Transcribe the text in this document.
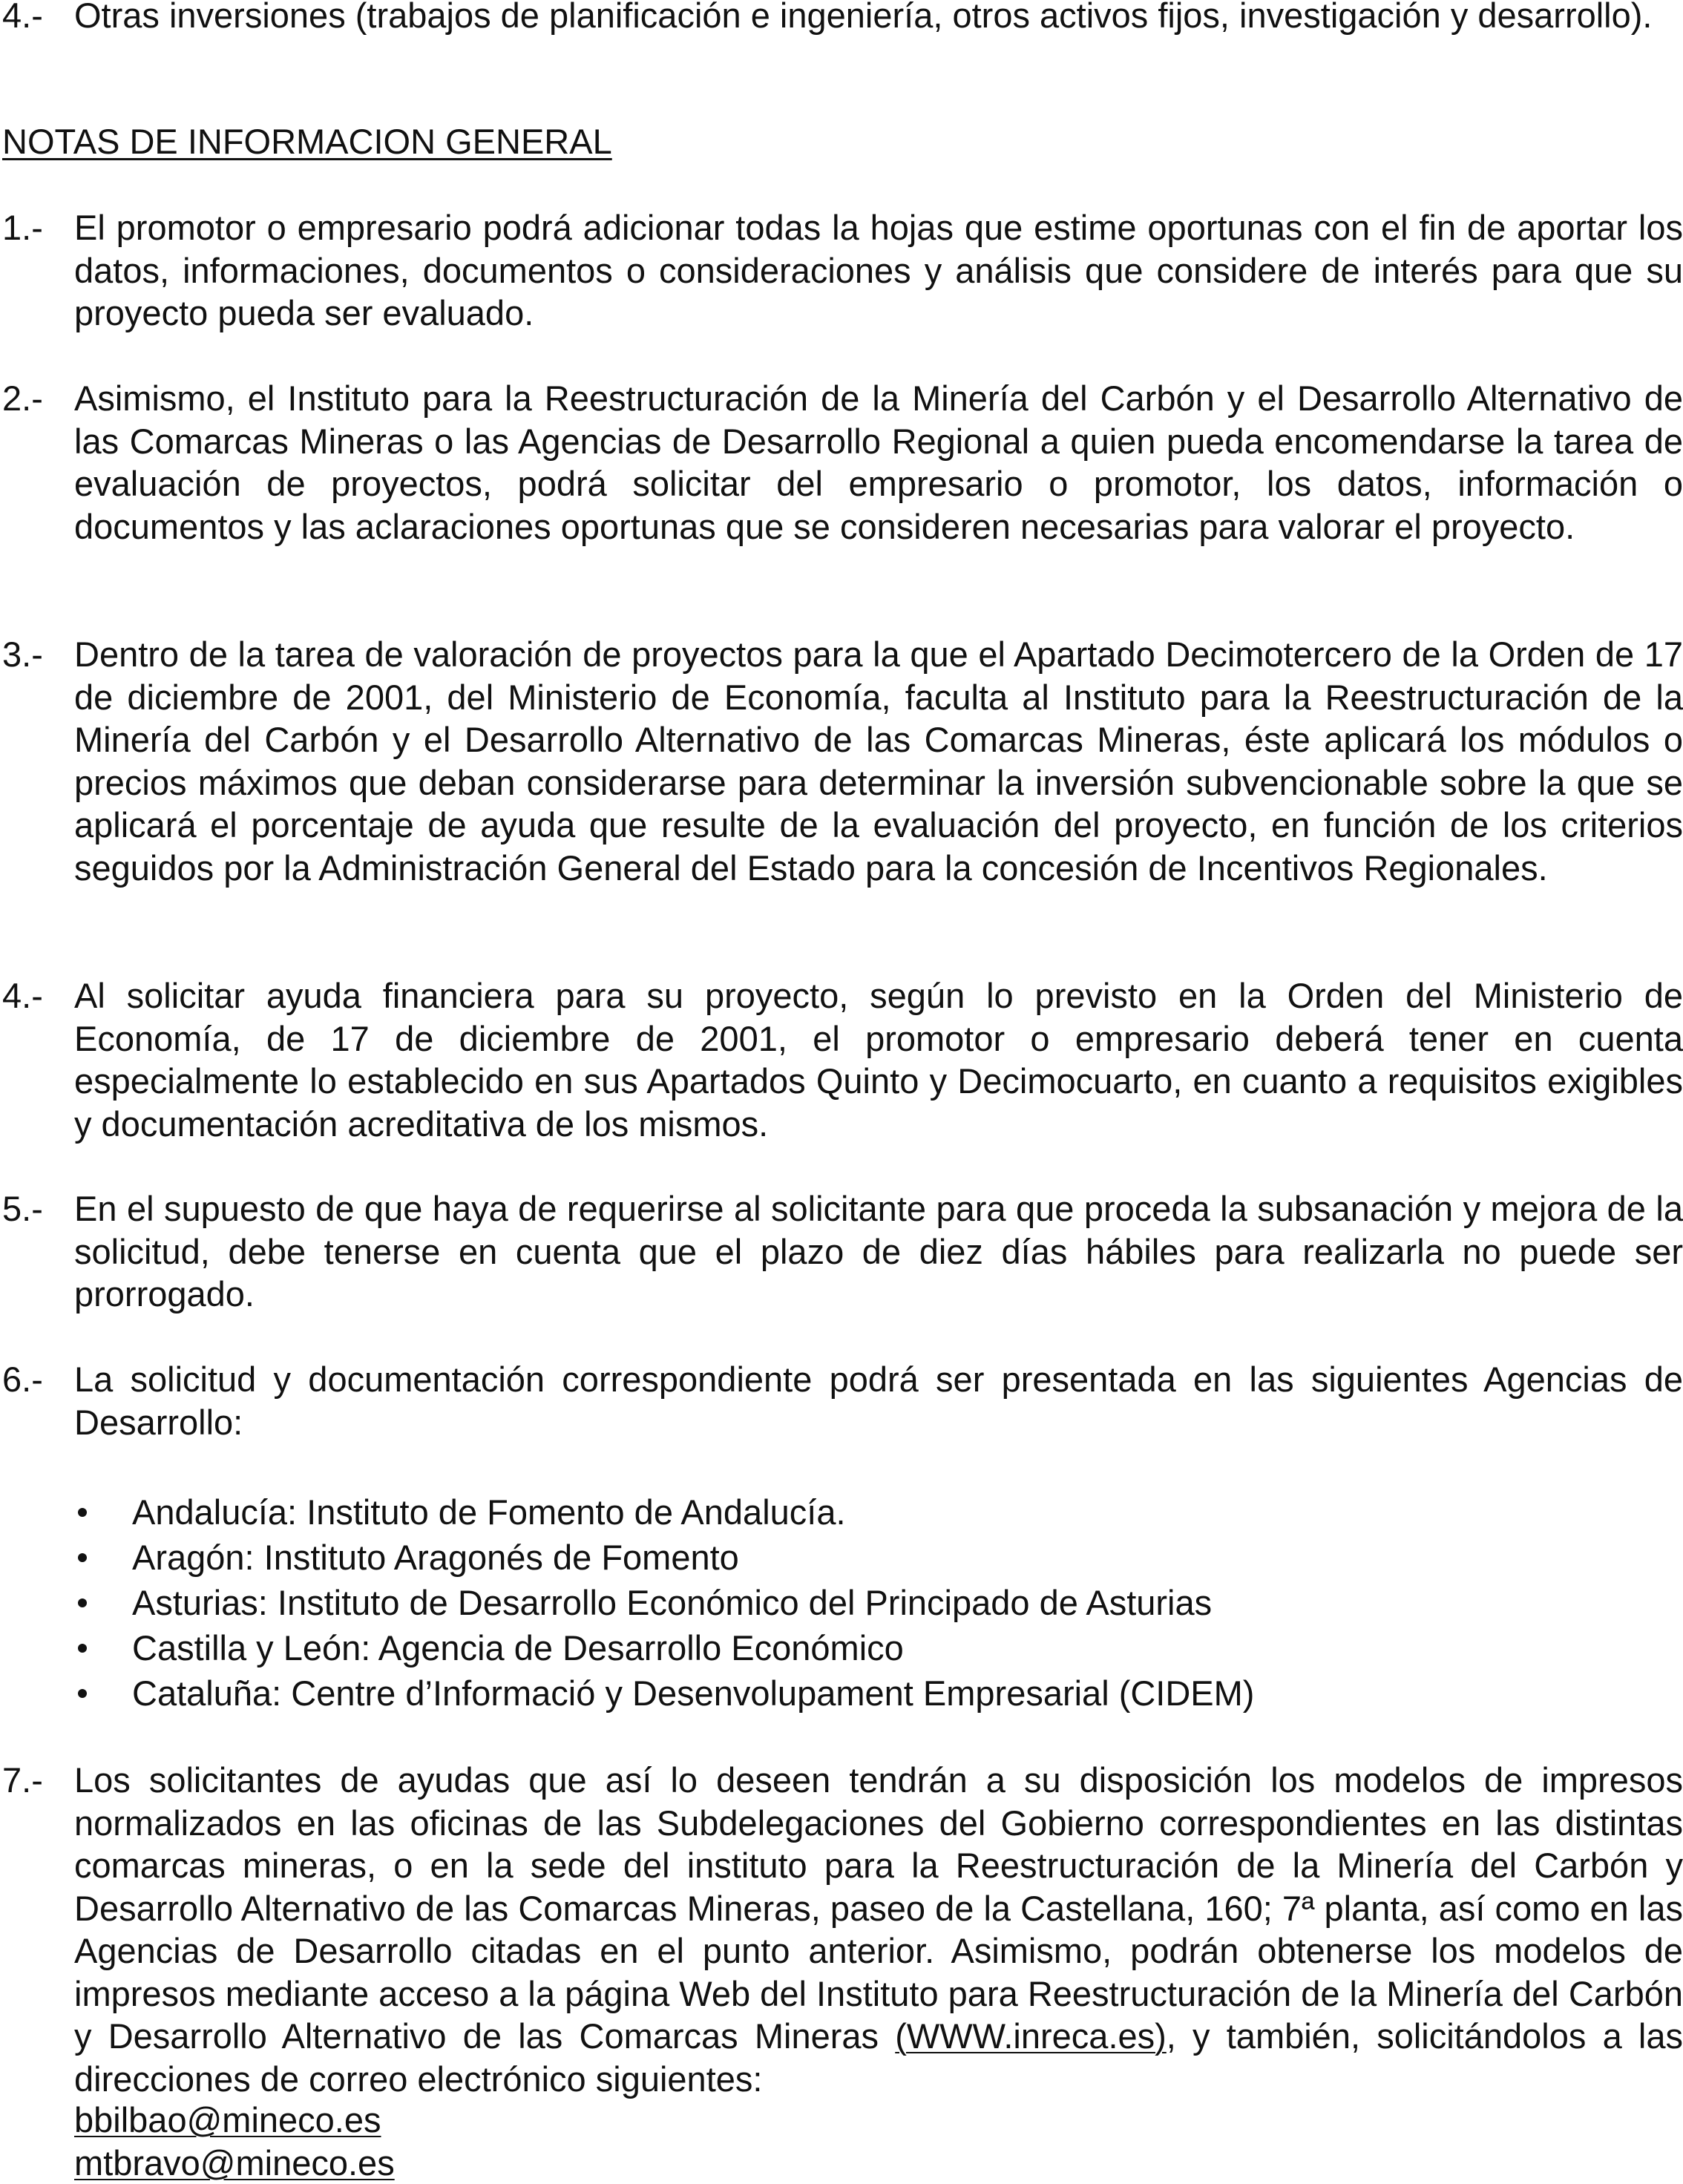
4.- Otras inversiones (trabajos de planificación e ingeniería, otros activos fijos, investigación y desarrollo).
NOTAS DE INFORMACION GENERAL
1.- El promotor o empresario podrá adicionar todas la hojas que estime oportunas con el fin de aportar los datos, informaciones, documentos o consideraciones y análisis que considere de interés para que su proyecto pueda ser evaluado.
2.- Asimismo, el Instituto para la Reestructuración de la Minería del Carbón y el Desarrollo Alternativo de las Comarcas Mineras o las Agencias de Desarrollo Regional a quien pueda encomendarse la tarea de evaluación de proyectos, podrá solicitar del empresario o promotor, los datos, información o documentos y las aclaraciones oportunas que se consideren necesarias para valorar el proyecto.
3.- Dentro de la tarea de valoración de proyectos para la que el Apartado Decimotercero de la Orden de 17 de diciembre de 2001, del Ministerio de Economía, faculta al Instituto para la Reestructuración de la Minería del Carbón y el Desarrollo Alternativo de las Comarcas Mineras, éste aplicará los módulos o precios máximos que deban considerarse para determinar la inversión subvencionable sobre la que se aplicará el porcentaje de ayuda que resulte de la evaluación del proyecto, en función de los criterios seguidos por la Administración General del Estado para la concesión de Incentivos Regionales.
4.- Al solicitar ayuda financiera para su proyecto, según lo previsto en la Orden del Ministerio de Economía, de 17 de diciembre de 2001, el promotor o empresario deberá tener en cuenta especialmente lo establecido en sus Apartados Quinto y Decimocuarto, en cuanto a requisitos exigibles y documentación acreditativa de los mismos.
5.- En el supuesto de que haya de requerirse al solicitante para que proceda la subsanación y mejora de la solicitud, debe tenerse en cuenta que el plazo de diez días hábiles para realizarla no puede ser prorrogado.
6.- La solicitud y documentación correspondiente podrá ser presentada en las siguientes Agencias de Desarrollo:
Andalucía: Instituto de Fomento de Andalucía.
Aragón: Instituto Aragonés de Fomento
Asturias: Instituto de Desarrollo Económico del Principado de Asturias
Castilla y León: Agencia de Desarrollo Económico
Cataluña: Centre d’Informació y Desenvolupament Empresarial (CIDEM)
7.- Los solicitantes de ayudas que así lo deseen tendrán a su disposición los modelos de impresos normalizados en las oficinas de las Subdelegaciones del Gobierno correspondientes en las distintas comarcas mineras, o en la sede del instituto para la Reestructuración de la Minería del Carbón y Desarrollo Alternativo de las Comarcas Mineras, paseo de la Castellana, 160; 7ª planta, así como en las Agencias de Desarrollo citadas en el punto anterior. Asimismo, podrán obtenerse los modelos de impresos mediante acceso a la página Web del Instituto para Reestructuración de la Minería del Carbón y Desarrollo Alternativo de las Comarcas Mineras (WWW.inreca.es), y también, solicitándolos a las direcciones de correo electrónico siguientes:
bbilbao@mineco.es
mtbravo@mineco.es
